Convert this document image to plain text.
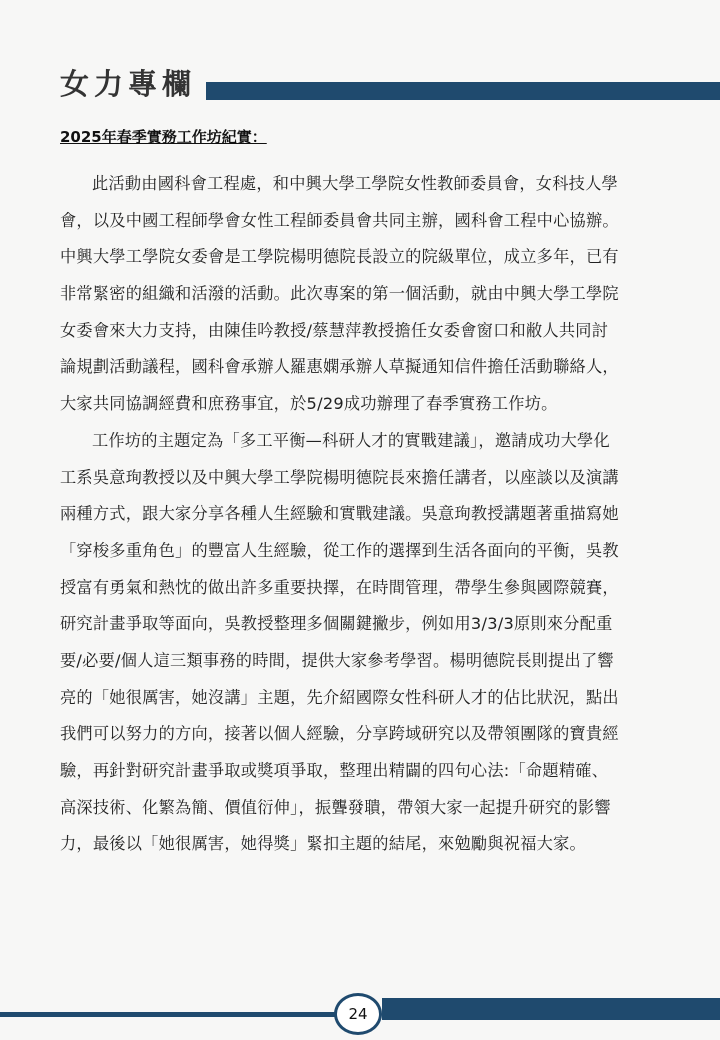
女力專欄
2025年春季實務工作坊紀實：
此活動由國科會工程處，和中興大學工學院女性教師委員會，女科技人學
會，以及中國工程師學會女性工程師委員會共同主辦，國科會工程中心協辦。
中興大學工學院女委會是工學院楊明德院長設立的院級單位，成立多年，已有
非常緊密的組織和活潑的活動。此次專案的第一個活動，就由中興大學工學院
女委會來大力支持，由陳佳吟教授/蔡慧萍教授擔任女委會窗口和敝人共同討
論規劃活動議程，國科會承辦人羅惠嫻承辦人草擬通知信件擔任活動聯絡人，
大家共同協調經費和庶務事宜，於5/29成功辦理了春季實務工作坊。
工作坊的主題定為「多工平衡—科研人才的實戰建議」，邀請成功大學化
工系吳意珣教授以及中興大學工學院楊明德院長來擔任講者，以座談以及演講
兩種方式，跟大家分享各種人生經驗和實戰建議。吳意珣教授講題著重描寫她
「穿梭多重角色」的豐富人生經驗，從工作的選擇到生活各面向的平衡，吳教
授富有勇氣和熱忱的做出許多重要抉擇，在時間管理，帶學生參與國際競賽，
研究計畫爭取等面向，吳教授整理多個關鍵撇步，例如用3/3/3原則來分配重
要/必要/個人這三類事務的時間，提供大家參考學習。楊明德院長則提出了響
亮的「她很厲害，她沒講」主題，先介紹國際女性科研人才的佔比狀況，點出
我們可以努力的方向，接著以個人經驗，分享跨域研究以及帶領團隊的寶貴經
驗，再針對研究計畫爭取或獎項爭取，整理出精闢的四句心法:「命題精確、
高深技術、化繁為簡、價值衍伸」，振聾發聵，帶領大家一起提升研究的影響
力，最後以「她很厲害，她得獎」緊扣主題的結尾，來勉勵與祝福大家。
24
